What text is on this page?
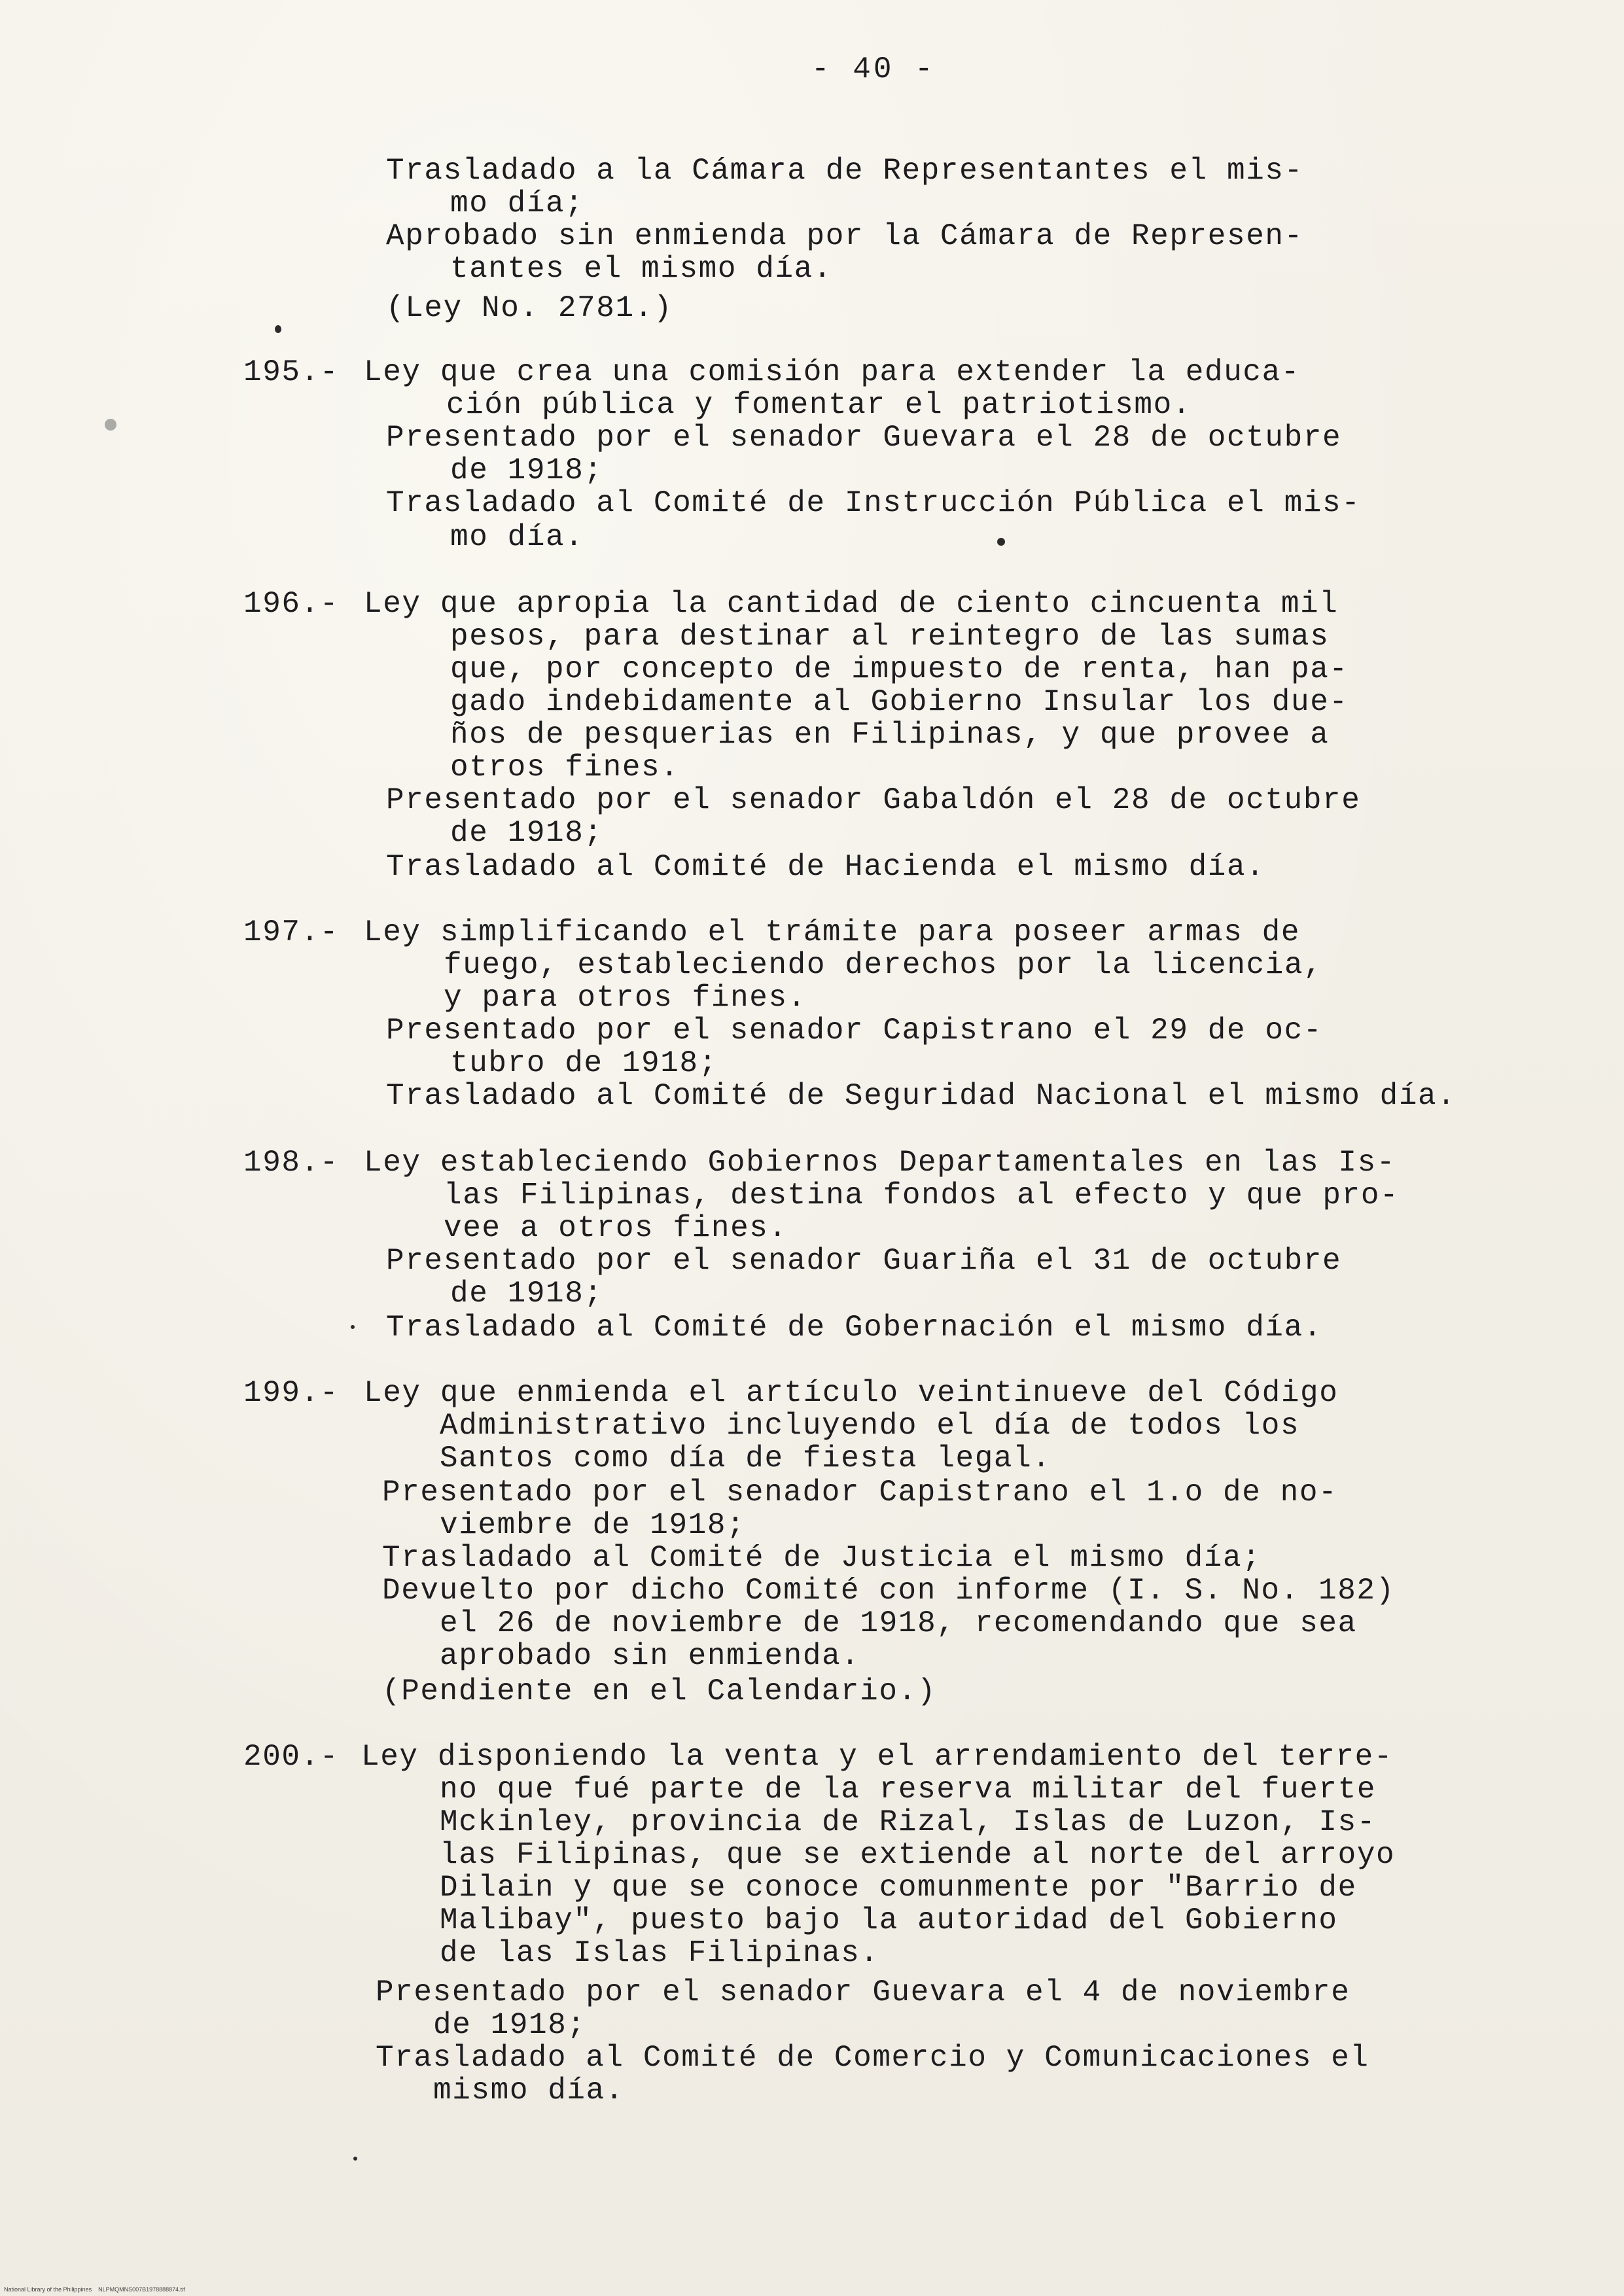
- 40 -
Trasladado a la Cámara de Representantes el mis-
mo día;
Aprobado sin enmienda por la Cámara de Represen-
tantes el mismo día.
(Ley No. 2781.)
195.- Ley que crea una comisión para extender la educa-
ción pública y fomentar el patriotismo.
Presentado por el senador Guevara el 28 de octubre
de 1918;
Trasladado al Comité de Instrucción Pública el mis-
mo día.
196.- Ley que apropia la cantidad de ciento cincuenta mil
pesos, para destinar al reintegro de las sumas
que, por concepto de impuesto de renta, han pa-
gado indebidamente al Gobierno Insular los due-
ños de pesquerias en Filipinas, y que provee a
otros fines.
Presentado por el senador Gabaldón el 28 de octubre
de 1918;
Trasladado al Comité de Hacienda el mismo día.
197.- Ley simplificando el trámite para poseer armas de
fuego, estableciendo derechos por la licencia,
y para otros fines.
Presentado por el senador Capistrano el 29 de oc-
tubro de 1918;
Trasladado al Comité de Seguridad Nacional el mismo día.
198.- Ley estableciendo Gobiernos Departamentales en las Is-
las Filipinas, destina fondos al efecto y que pro-
vee a otros fines.
Presentado por el senador Guariña el 31 de octubre
de 1918;
Trasladado al Comité de Gobernación el mismo día.
199.- Ley que enmienda el artículo veintinueve del Código
Administrativo incluyendo el día de todos los
Santos como día de fiesta legal.
Presentado por el senador Capistrano el 1.o de no-
viembre de 1918;
Trasladado al Comité de Justicia el mismo día;
Devuelto por dicho Comité con informe (I. S. No. 182)
el 26 de noviembre de 1918, recomendando que sea
aprobado sin enmienda.
(Pendiente en el Calendario.)
200.- Ley disponiendo la venta y el arrendamiento del terre-
no que fué parte de la reserva militar del fuerte
Mckinley, provincia de Rizal, Islas de Luzon, Is-
las Filipinas, que se extiende al norte del arroyo
Dilain y que se conoce comunmente por "Barrio de
Malibay", puesto bajo la autoridad del Gobierno
de las Islas Filipinas.
Presentado por el senador Guevara el 4 de noviembre
de 1918;
Trasladado al Comité de Comercio y Comunicaciones el
mismo día.
National Library of the Philippines    NLPMQMNS007B1978888874.tif
